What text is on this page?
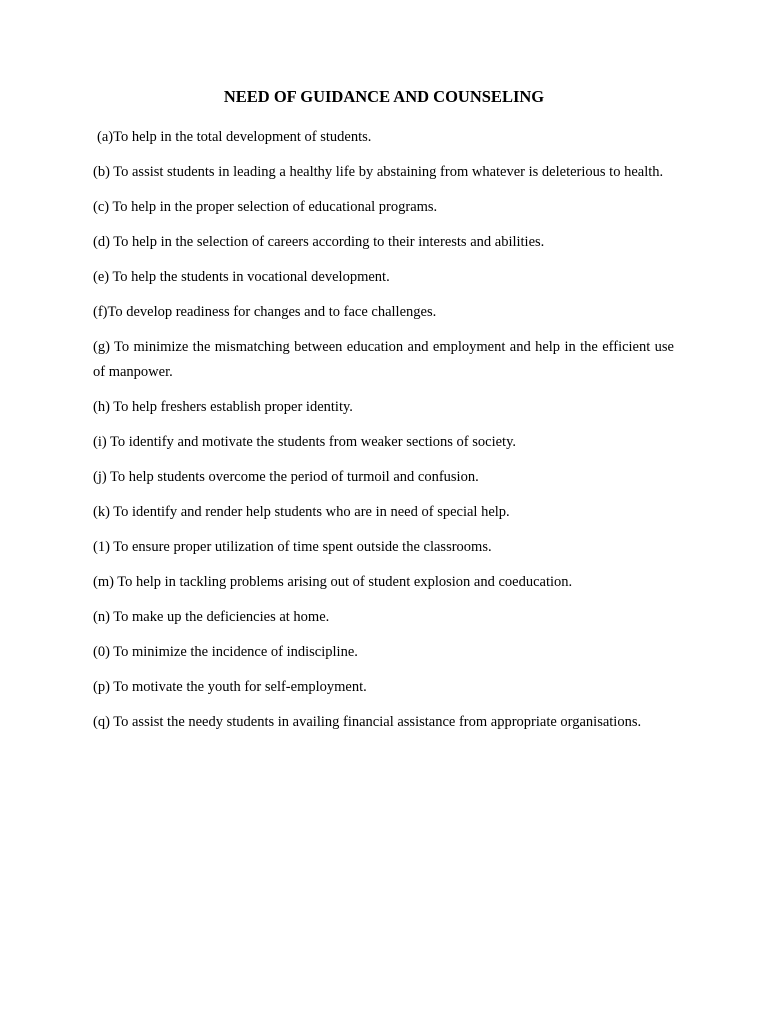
NEED OF GUIDANCE AND COUNSELING
(a)To help in the total development of students.
(b) To assist students in leading a healthy life by abstaining from whatever is deleterious to health.
(c) To help in the proper selection of educational programs.
(d) To help in the selection of careers according to their interests and abilities.
(e) To help the students in vocational development.
(f)To develop readiness for changes and to face challenges.
(g) To minimize the mismatching between education and employment and help in the efficient use of manpower.
(h) To help freshers establish proper identity.
(i) To identify and motivate the students from weaker sections of society.
(j) To help students overcome the period of turmoil and confusion.
(k) To identify and render help students who are in need of special help.
(1) To ensure proper utilization of time spent outside the classrooms.
(m) To help in tackling problems arising out of student explosion and coeducation.
(n) To make up the deficiencies at home.
(0) To minimize the incidence of indiscipline.
(p) To motivate the youth for self-employment.
(q) To assist the needy students in availing financial assistance from appropriate organisations.
